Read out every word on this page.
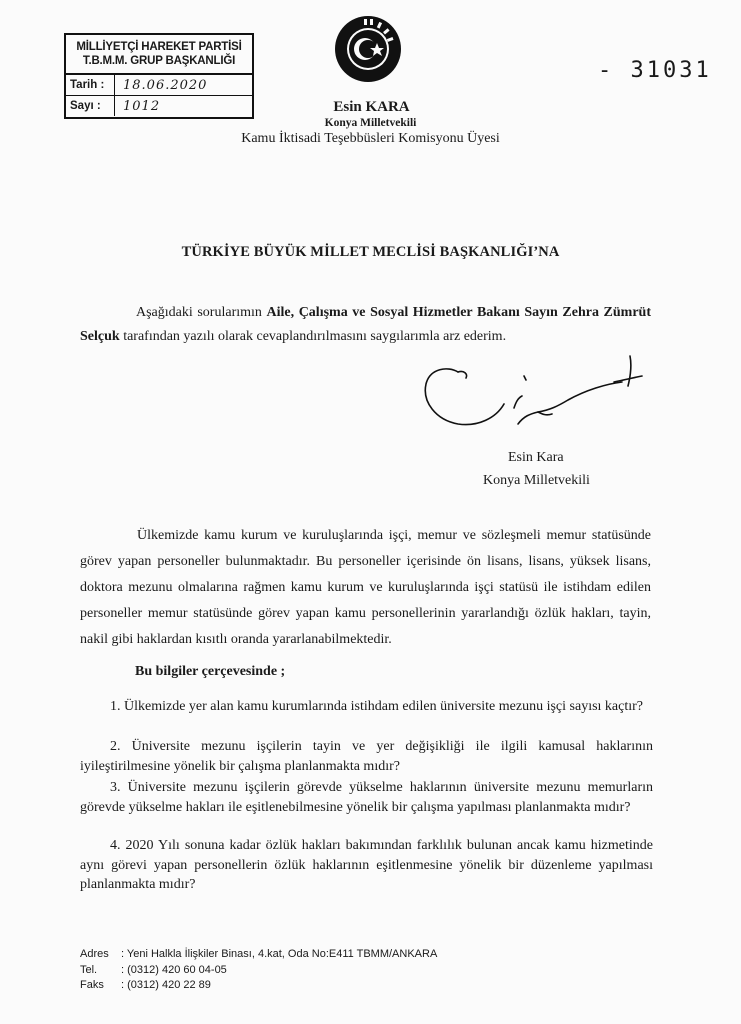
MİLLİYETÇİ HAREKET PARTİSİ
T.B.M.M. GRUP BAŞKANLIĞI
Tarih :	18.06.2020
Sayı :	1012
- 31031
Esin KARA
Konya Milletvekili
Kamu İktisadi Teşebbüsleri Komisyonu Üyesi
TÜRKİYE BÜYÜK MİLLET MECLİSİ BAŞKANLIĞI’NA
Aşağıdaki sorularımın Aile, Çalışma ve Sosyal Hizmetler Bakanı Sayın Zehra Zümrüt Selçuk tarafından yazılı olarak cevaplandırılmasını saygılarımla arz ederim.
Esin Kara
Konya Milletvekili
Ülkemizde kamu kurum ve kuruluşlarında işçi, memur ve sözleşmeli memur statüsünde görev yapan personeller bulunmaktadır. Bu personeller içerisinde ön lisans, lisans, yüksek lisans, doktora mezunu olmalarına rağmen kamu kurum ve kuruluşlarında işçi statüsü ile istihdam edilen personeller memur statüsünde görev yapan kamu personellerinin yararlandığı özlük hakları, tayin, nakil gibi haklardan kısıtlı oranda yararlanabilmektedir.
Bu bilgiler çerçevesinde ;
1. Ülkemizde yer alan kamu kurumlarında istihdam edilen üniversite mezunu işçi sayısı kaçtır?
2. Üniversite mezunu işçilerin tayin ve yer değişikliği ile ilgili kamusal haklarının iyileştirilmesine yönelik bir çalışma planlanmakta mıdır?
3. Üniversite mezunu işçilerin görevde yükselme haklarının üniversite mezunu memurların görevde yükselme hakları ile eşitlenebilmesine yönelik bir çalışma yapılması planlanmakta mıdır?
4. 2020 Yılı sonuna kadar özlük hakları bakımından farklılık bulunan ancak kamu hizmetinde aynı görevi yapan personellerin özlük haklarının eşitlenmesine yönelik bir düzenleme yapılması planlanmakta mıdır?
Adres	: Yeni Halkla İlişkiler Binası, 4.kat, Oda No:E411 TBMM/ANKARA
Tel.	: (0312) 420 60 04-05
Faks	: (0312) 420 22 89
